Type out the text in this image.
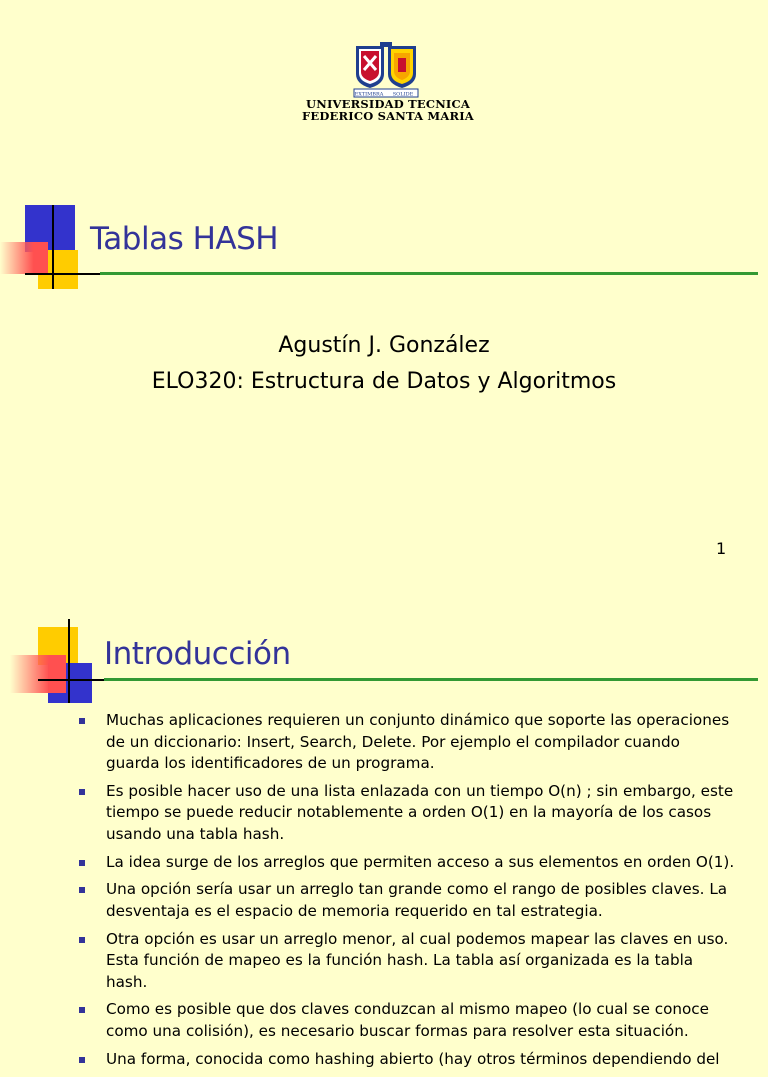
EXTIMBRA SOLIDE
UNIVERSIDAD TECNICA
FEDERICO SANTA MARIA
Tablas HASH
Agustín J. González
ELO320: Estructura de Datos y Algoritmos
1
Introducción
Muchas aplicaciones requieren un conjunto dinámico que soporte las operaciones de un diccionario: Insert, Search, Delete. Por ejemplo el compilador cuando guarda los identificadores de un programa.
Es posible hacer uso de una lista enlazada con un tiempo O(n) ; sin embargo, este tiempo se puede reducir notablemente a orden O(1) en la mayoría de los casos usando una tabla hash.
La idea surge de los arreglos que permiten acceso a sus elementos en orden O(1).
Una opción sería usar un arreglo tan grande como el rango de posibles claves. La desventaja es el espacio de memoria requerido en tal estrategia.
Otra opción es usar un arreglo menor, al cual podemos mapear las claves en uso. Esta función de mapeo es la función hash. La tabla así organizada es la tabla hash.
Como es posible que dos claves conduzcan al mismo mapeo (lo cual se conoce como una colisión), es necesario buscar formas para resolver esta situación.
Una forma, conocida como hashing abierto (hay otros términos dependiendo del
